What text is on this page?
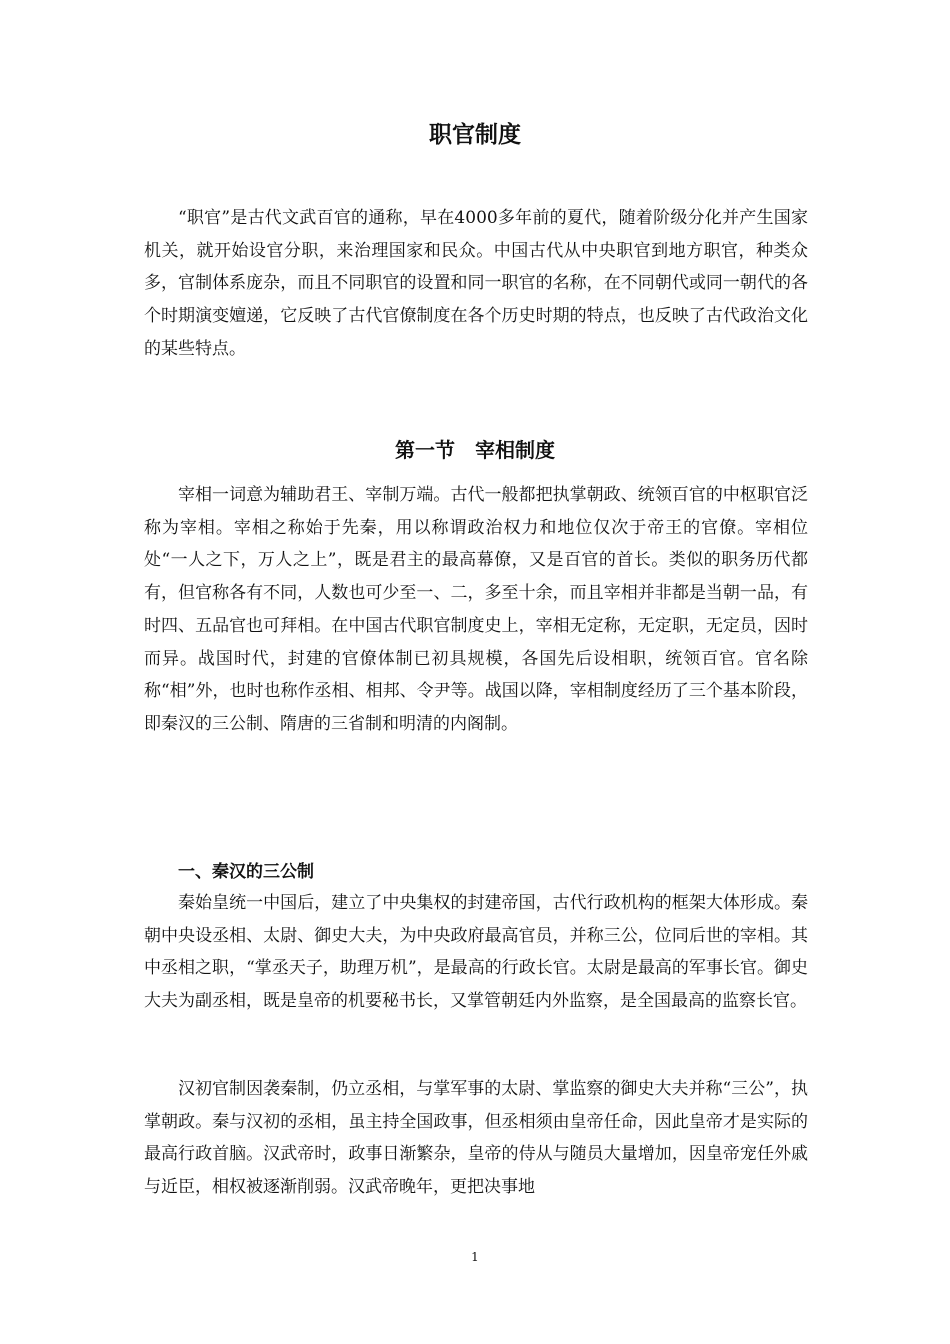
职官制度

“职官”是古代文武百官的通称，早在4000多年前的夏代，随着阶级分化并产生国家机关，就开始设官分职，来治理国家和民众。中国古代从中央职官到地方职官，种类众多，官制体系庞杂，而且不同职官的设置和同一职官的名称，在不同朝代或同一朝代的各个时期演变嬗递，它反映了古代官僚制度在各个历史时期的特点，也反映了古代政治文化的某些特点。

第一节　宰相制度

宰相一词意为辅助君王、宰制万端。古代一般都把执掌朝政、统领百官的中枢职官泛称为宰相。宰相之称始于先秦，用以称谓政治权力和地位仅次于帝王的官僚。宰相位处“一人之下，万人之上”，既是君主的最高幕僚，又是百官的首长。类似的职务历代都有，但官称各有不同，人数也可少至一、二，多至十余，而且宰相并非都是当朝一品，有时四、五品官也可拜相。在中国古代职官制度史上，宰相无定称，无定职，无定员，因时而异。战国时代，封建的官僚体制已初具规模，各国先后设相职，统领百官。官名除称“相”外，也时也称作丞相、相邦、令尹等。战国以降，宰相制度经历了三个基本阶段，即秦汉的三公制、隋唐的三省制和明清的内阁制。

一、秦汉的三公制

秦始皇统一中国后，建立了中央集权的封建帝国，古代行政机构的框架大体形成。秦朝中央设丞相、太尉、御史大夫，为中央政府最高官员，并称三公，位同后世的宰相。其中丞相之职，“掌丞天子，助理万机”，是最高的行政长官。太尉是最高的军事长官。御史大夫为副丞相，既是皇帝的机要秘书长，又掌管朝廷内外监察，是全国最高的监察长官。

汉初官制因袭秦制，仍立丞相，与掌军事的太尉、掌监察的御史大夫并称“三公”，执掌朝政。秦与汉初的丞相，虽主持全国政事，但丞相须由皇帝任命，因此皇帝才是实际的最高行政首脑。汉武帝时，政事日渐繁杂，皇帝的侍从与随员大量增加，因皇帝宠任外戚与近臣，相权被逐渐削弱。汉武帝晚年，更把决事地

1
